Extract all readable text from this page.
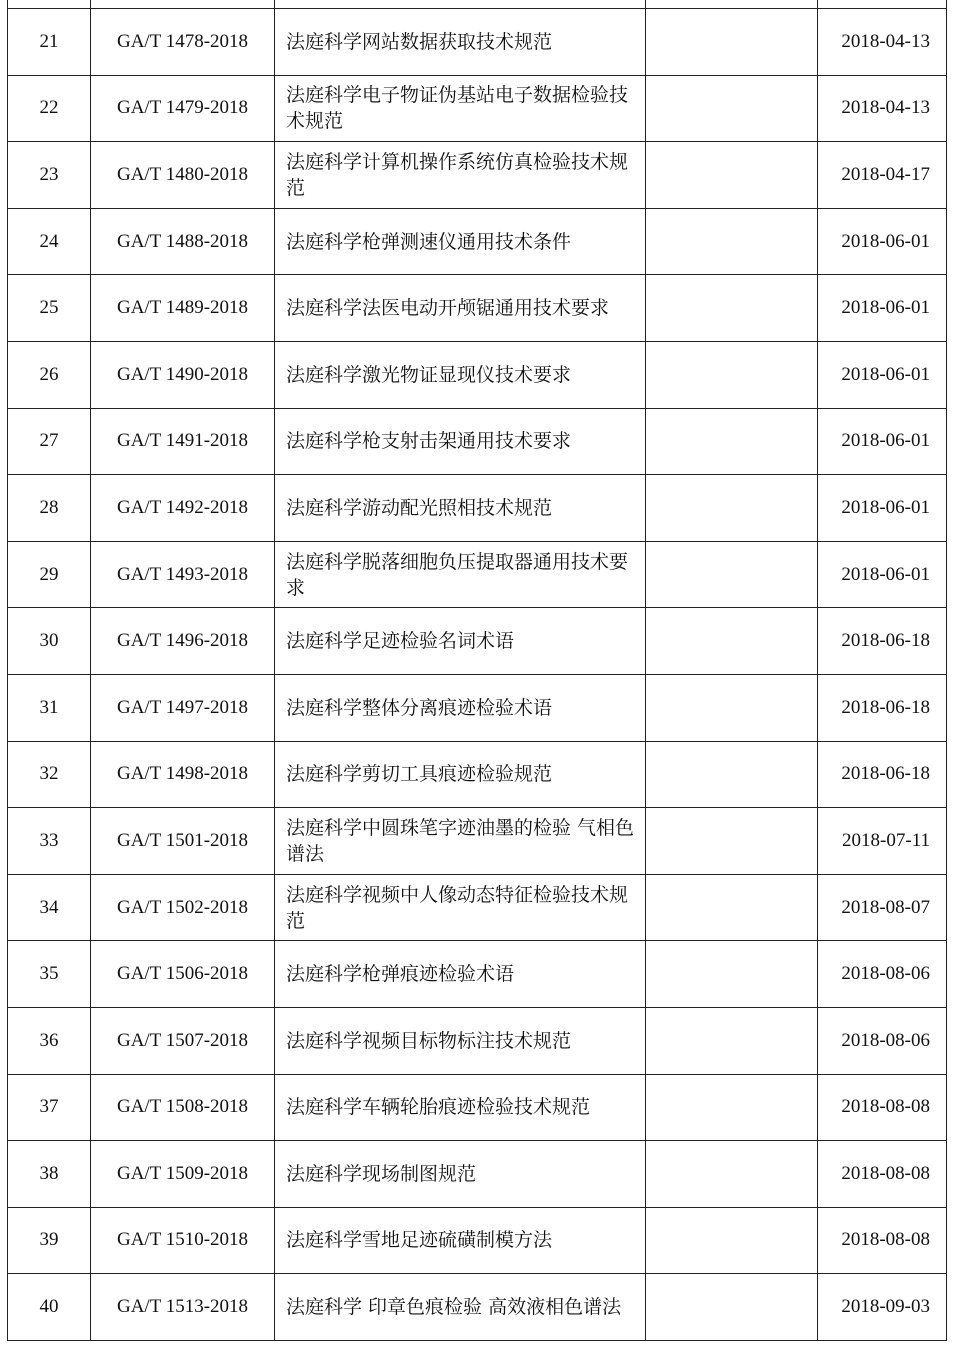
21	GA/T 1478-2018	法庭科学网站数据获取技术规范		2018-04-13
22	GA/T 1479-2018	法庭科学电子物证伪基站电子数据检验技术规范		2018-04-13
23	GA/T 1480-2018	法庭科学计算机操作系统仿真检验技术规范		2018-04-17
24	GA/T 1488-2018	法庭科学枪弹测速仪通用技术条件		2018-06-01
25	GA/T 1489-2018	法庭科学法医电动开颅锯通用技术要求		2018-06-01
26	GA/T 1490-2018	法庭科学激光物证显现仪技术要求		2018-06-01
27	GA/T 1491-2018	法庭科学枪支射击架通用技术要求		2018-06-01
28	GA/T 1492-2018	法庭科学游动配光照相技术规范		2018-06-01
29	GA/T 1493-2018	法庭科学脱落细胞负压提取器通用技术要求		2018-06-01
30	GA/T 1496-2018	法庭科学足迹检验名词术语		2018-06-18
31	GA/T 1497-2018	法庭科学整体分离痕迹检验术语		2018-06-18
32	GA/T 1498-2018	法庭科学剪切工具痕迹检验规范		2018-06-18
33	GA/T 1501-2018	法庭科学中圆珠笔字迹油墨的检验 气相色谱法		2018-07-11
34	GA/T 1502-2018	法庭科学视频中人像动态特征检验技术规范		2018-08-07
35	GA/T 1506-2018	法庭科学枪弹痕迹检验术语		2018-08-06
36	GA/T 1507-2018	法庭科学视频目标物标注技术规范		2018-08-06
37	GA/T 1508-2018	法庭科学车辆轮胎痕迹检验技术规范		2018-08-08
38	GA/T 1509-2018	法庭科学现场制图规范		2018-08-08
39	GA/T 1510-2018	法庭科学雪地足迹硫磺制模方法		2018-08-08
40	GA/T 1513-2018	法庭科学 印章色痕检验 高效液相色谱法		2018-09-03
